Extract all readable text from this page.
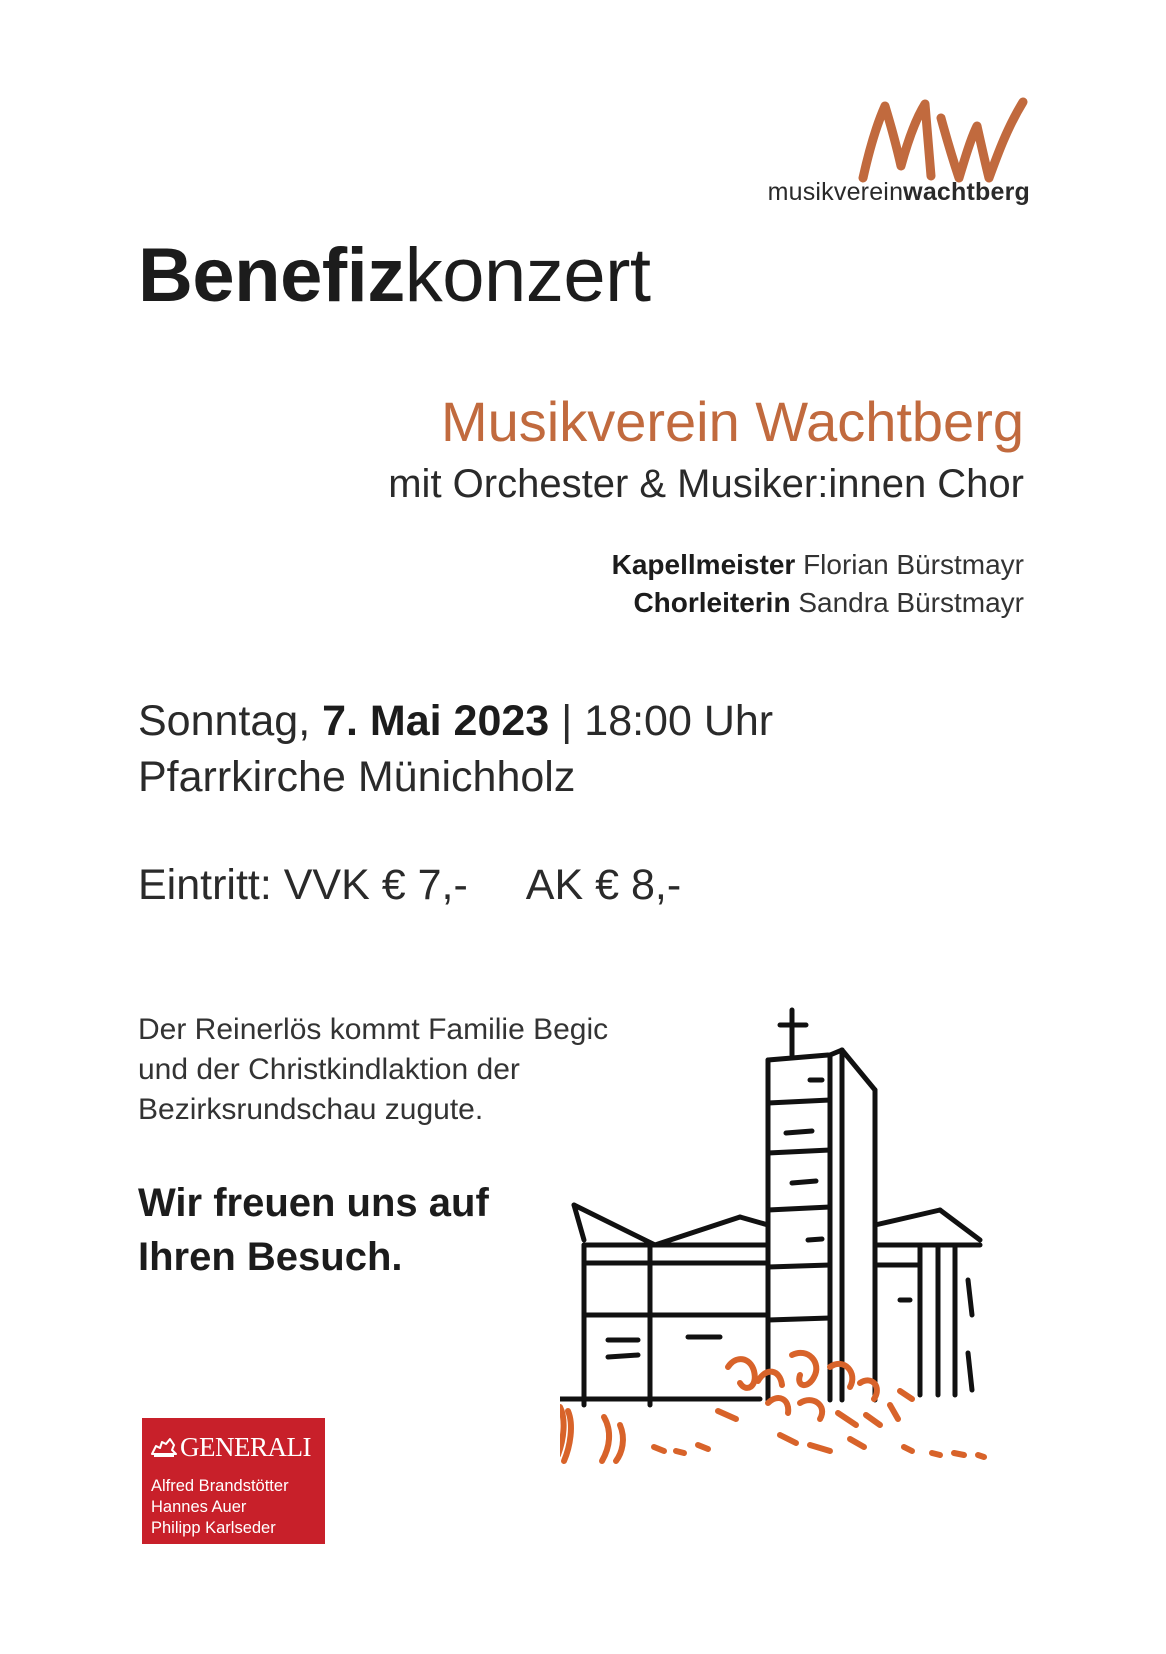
musikvereinwachtberg
Benefizkonzert
Musikverein Wachtberg
mit Orchester & Musiker:innen Chor
Kapellmeister Florian Bürstmayr
Chorleiterin Sandra Bürstmayr
Sonntag, 7. Mai 2023 | 18:00 Uhr
Pfarrkirche Münichholz
Eintritt: VVK € 7,- AK € 8,-
Der Reinerlös kommt Familie Begic
und der Christkindlaktion der
Bezirksrundschau zugute.
Wir freuen uns auf
Ihren Besuch.
GENERALI
Alfred Brandstötter
Hannes Auer
Philipp Karlseder
